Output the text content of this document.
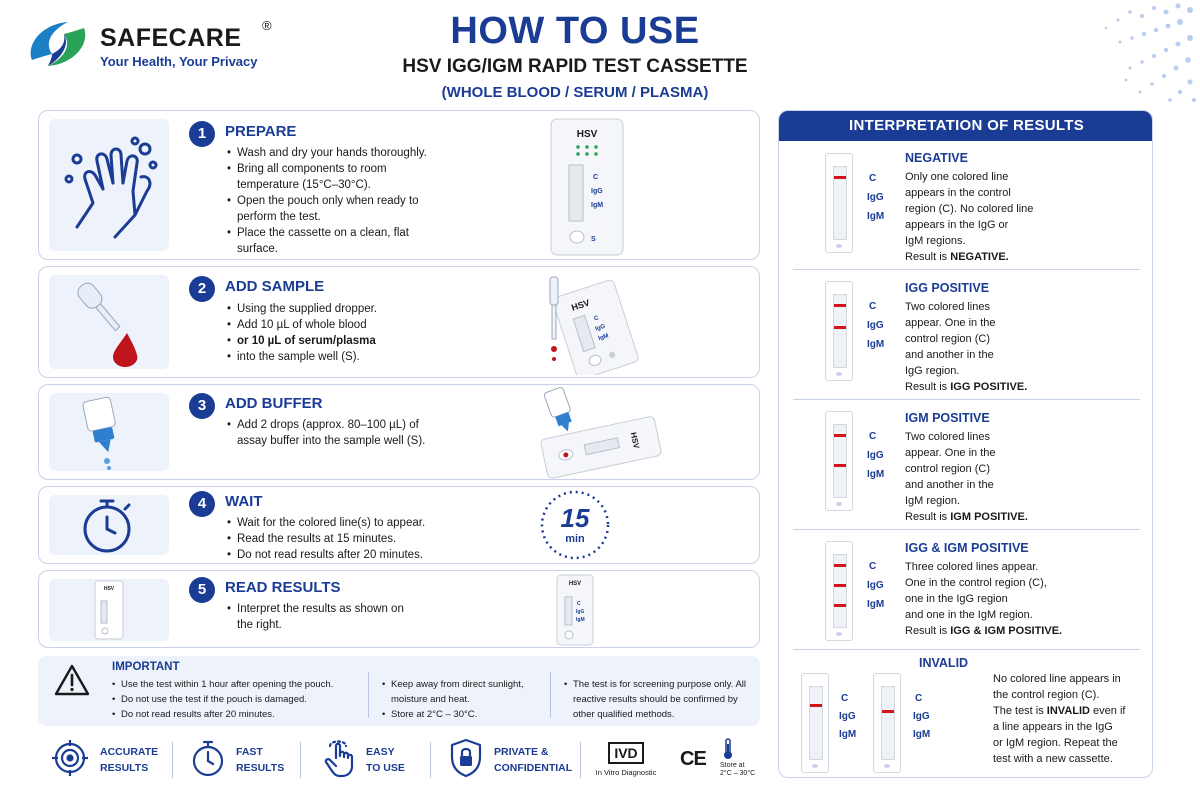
SAFECARE ®
Your Health, Your Privacy
HOW TO USE
HSV IGG/IGM RAPID TEST CASSETTE
(WHOLE BLOOD / SERUM / PLASMA)
1	PREPARE
• Wash and dry your hands thoroughly.
• Bring all components to room temperature (15°C–30°C).
• Open the pouch only when ready to perform the test.
• Place the cassette on a clean, flat surface.
HSV
C
IgG
IgM
S
2	ADD SAMPLE
• Using the supplied dropper.
• Add 10 µL of whole blood
• or 10 µL of serum/plasma
• into the sample well (S).
HSV
C
IgG
IgM
3	ADD BUFFER
• Add 2 drops (approx. 80–100 µL) of assay buffer into the sample well (S).	HSV
4	WAIT
• Wait for the colored line(s) to appear.
• Read the results at 15 minutes.
• Do not read results after 20 minutes.
15
min
HSV	5	READ RESULTS
• Interpret the results as shown on the right.
HSV
C
IgG
IgM
IMPORTANT
• Use the test within 1 hour after opening the pouch.
• Do not use the test if the pouch is damaged.
• Do not read results after 20 minutes.
• Keep away from direct sunlight, moisture and heat.
• Store at 2°C – 30°C.
• The test is for screening purpose only. All reactive results should be confirmed by other qualified methods.
ACCURATE
RESULTS
FAST
RESULTS
EASY
TO USE
PRIVATE &
CONFIDENTIAL
IVD
In Vitro Diagnostic
CE Store at
2°C – 30°C
INTERPRETATION OF RESULTS
C
IgG
IgM
NEGATIVE
Only one colored line
appears in the control
region (C). No colored line
appears in the IgG or
IgM regions.
Result is NEGATIVE.
C
IgG
IgM
IGG POSITIVE
Two colored lines
appear. One in the
control region (C)
and another in the
IgG region.
Result is IGG POSITIVE.
C
IgG
IgM
IGM POSITIVE
Two colored lines
appear. One in the
control region (C)
and another in the
IgM region.
Result is IGM POSITIVE.
C
IgG
IgM
IGG & IGM POSITIVE
Three colored lines appear.
One in the control region (C),
one in the IgG region
and one in the IgM region.
Result is IGG & IGM POSITIVE.
INVALID
C
IgG
IgM
C
IgG
IgM
No colored line appears in
the control region (C).
The test is INVALID even if
a line appears in the IgG
or IgM region. Repeat the
test with a new cassette.
